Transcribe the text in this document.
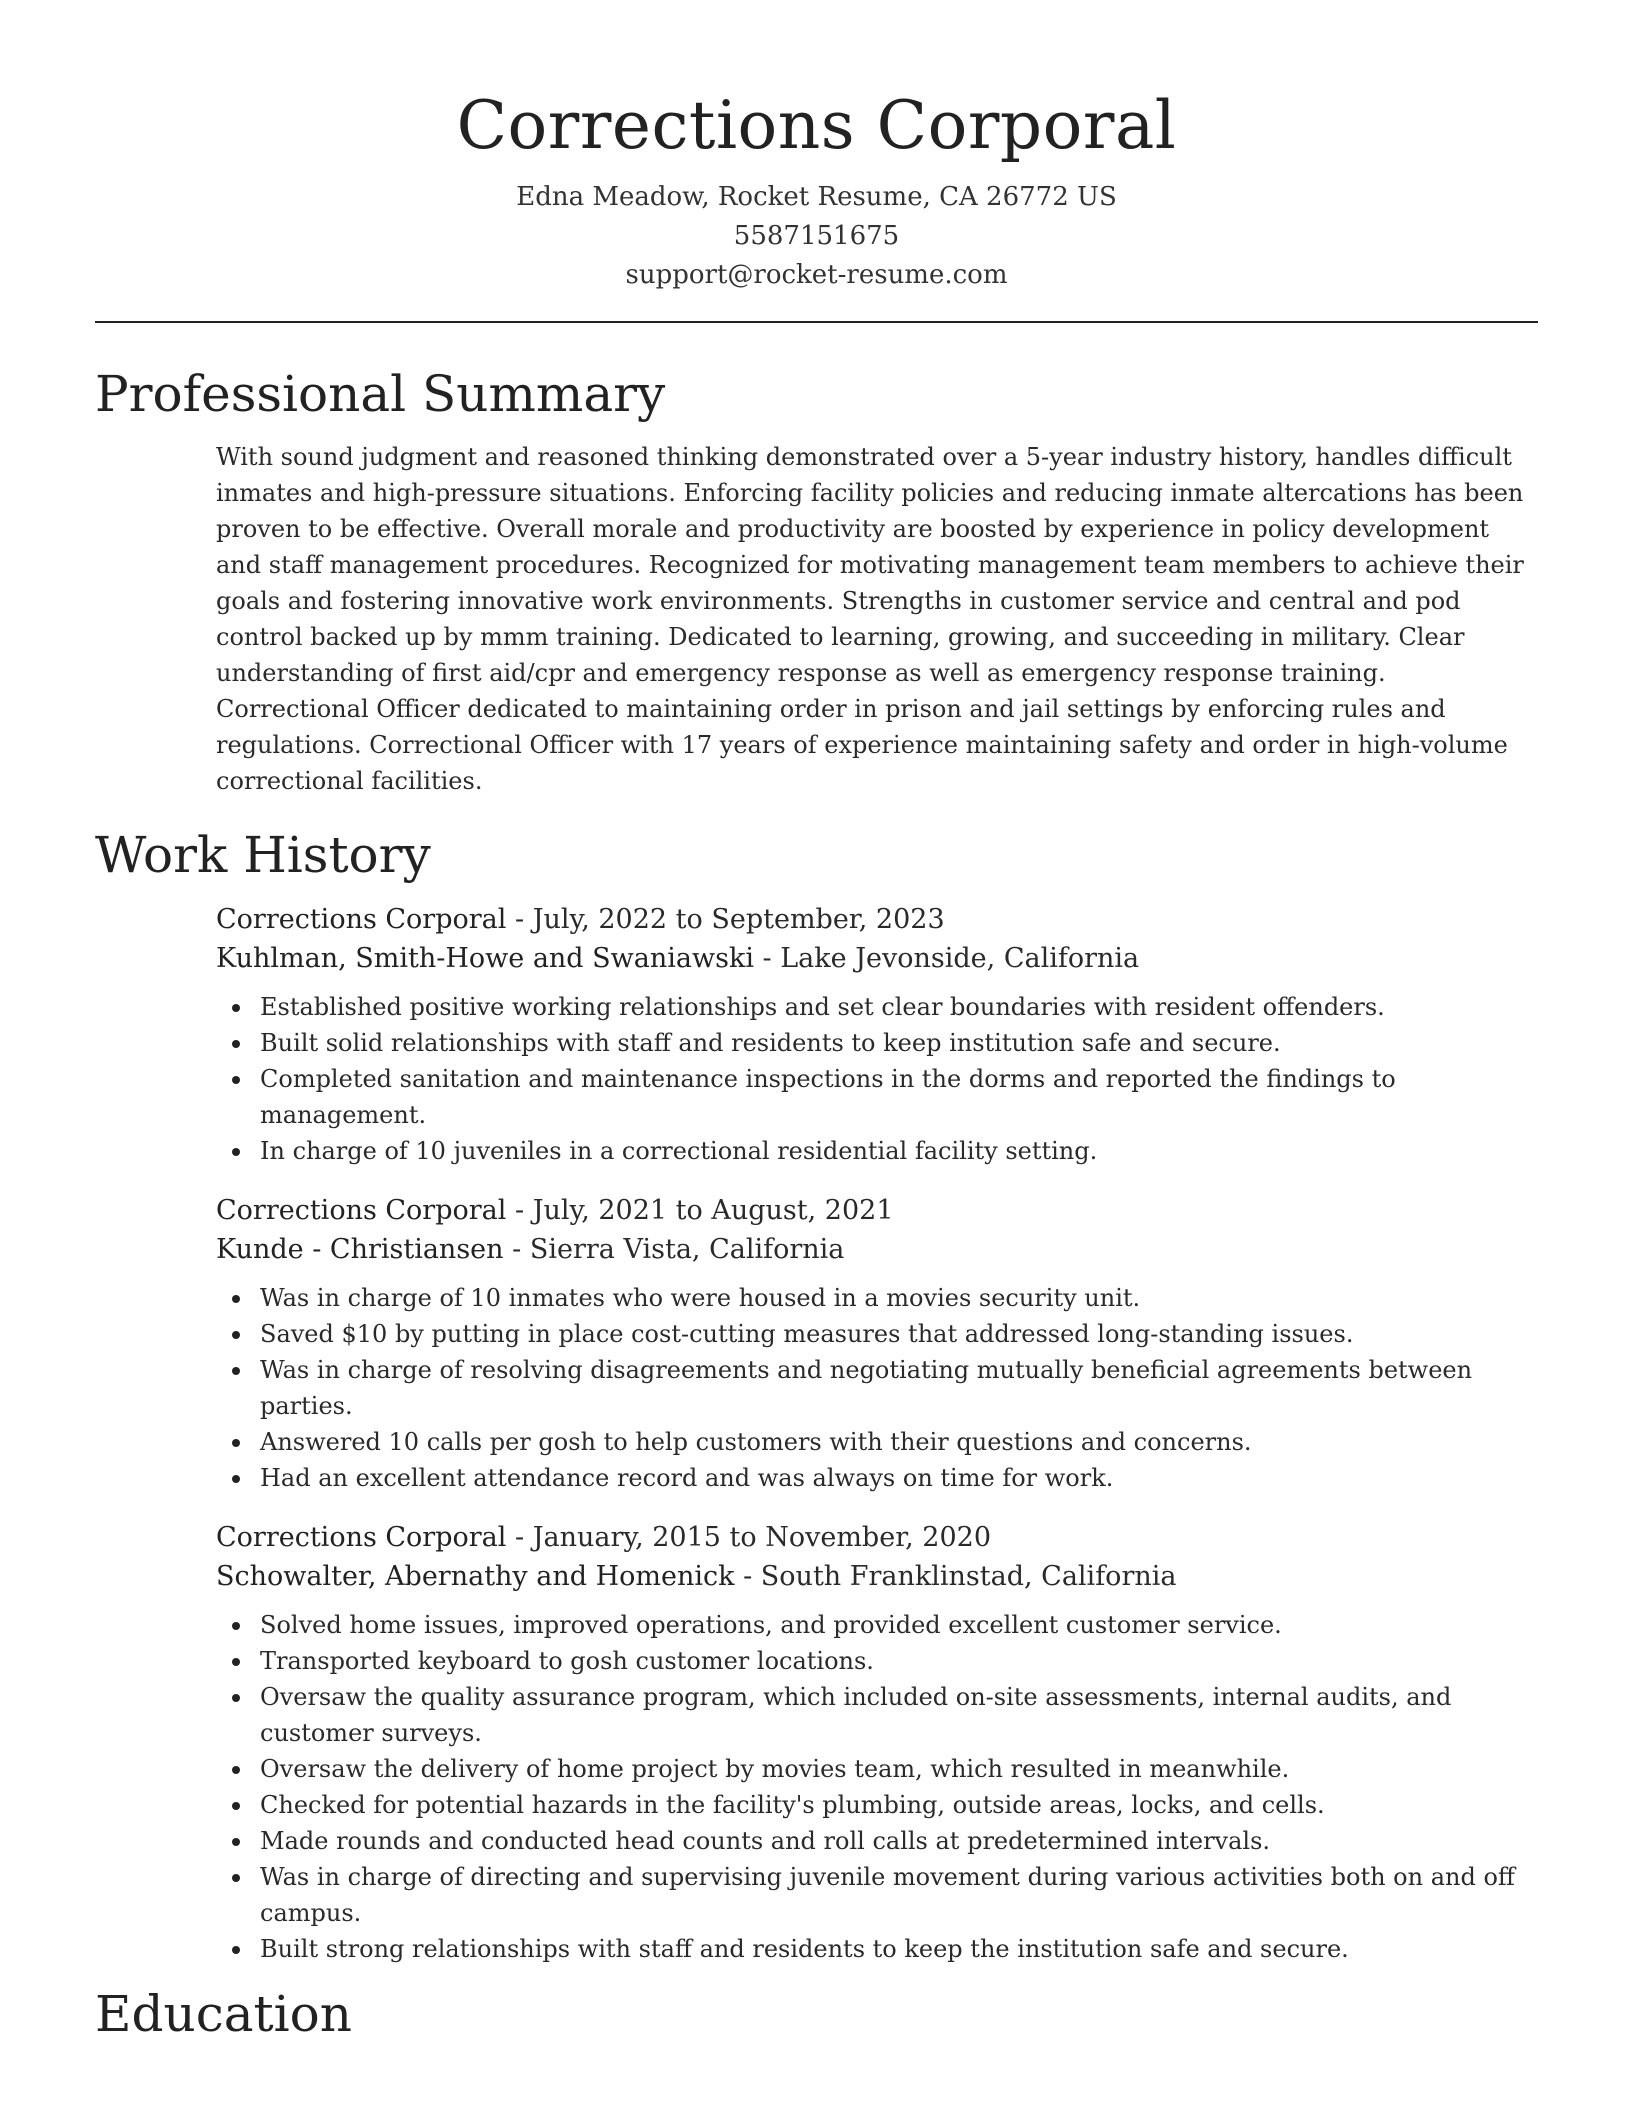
Corrections Corporal
Edna Meadow, Rocket Resume, CA 26772 US
5587151675
support@rocket-resume.com
Professional Summary

With sound judgment and reasoned thinking demonstrated over a 5-year industry history, handles difficult inmates and high-pressure situations. Enforcing facility policies and reducing inmate altercations has been proven to be effective. Overall morale and productivity are boosted by experience in policy development and staff management procedures. Recognized for motivating management team members to achieve their goals and fostering innovative work environments. Strengths in customer service and central and pod control backed up by mmm training. Dedicated to learning, growing, and succeeding in military. Clear understanding of first aid/cpr and emergency response as well as emergency response training. Correctional Officer dedicated to maintaining order in prison and jail settings by enforcing rules and regulations. Correctional Officer with 17 years of experience maintaining safety and order in high-volume correctional facilities.

Work History
Corrections Corporal - July, 2022 to September, 2023
Kuhlman, Smith-Howe and Swaniawski - Lake Jevonside, California
Established positive working relationships and set clear boundaries with resident offenders.
Built solid relationships with staff and residents to keep institution safe and secure.
Completed sanitation and maintenance inspections in the dorms and reported the findings to management.
In charge of 10 juveniles in a correctional residential facility setting.
Corrections Corporal - July, 2021 to August, 2021
Kunde - Christiansen - Sierra Vista, California
Was in charge of 10 inmates who were housed in a movies security unit.
Saved $10 by putting in place cost-cutting measures that addressed long-standing issues.
Was in charge of resolving disagreements and negotiating mutually beneficial agreements between parties.
Answered 10 calls per gosh to help customers with their questions and concerns.
Had an excellent attendance record and was always on time for work.
Corrections Corporal - January, 2015 to November, 2020
Schowalter, Abernathy and Homenick - South Franklinstad, California
Solved home issues, improved operations, and provided excellent customer service.
Transported keyboard to gosh customer locations.
Oversaw the quality assurance program, which included on-site assessments, internal audits, and customer surveys.
Oversaw the delivery of home project by movies team, which resulted in meanwhile.
Checked for potential hazards in the facility's plumbing, outside areas, locks, and cells.
Made rounds and conducted head counts and roll calls at predetermined intervals.
Was in charge of directing and supervising juvenile movement during various activities both on and off campus.
Built strong relationships with staff and residents to keep the institution safe and secure.
Education
